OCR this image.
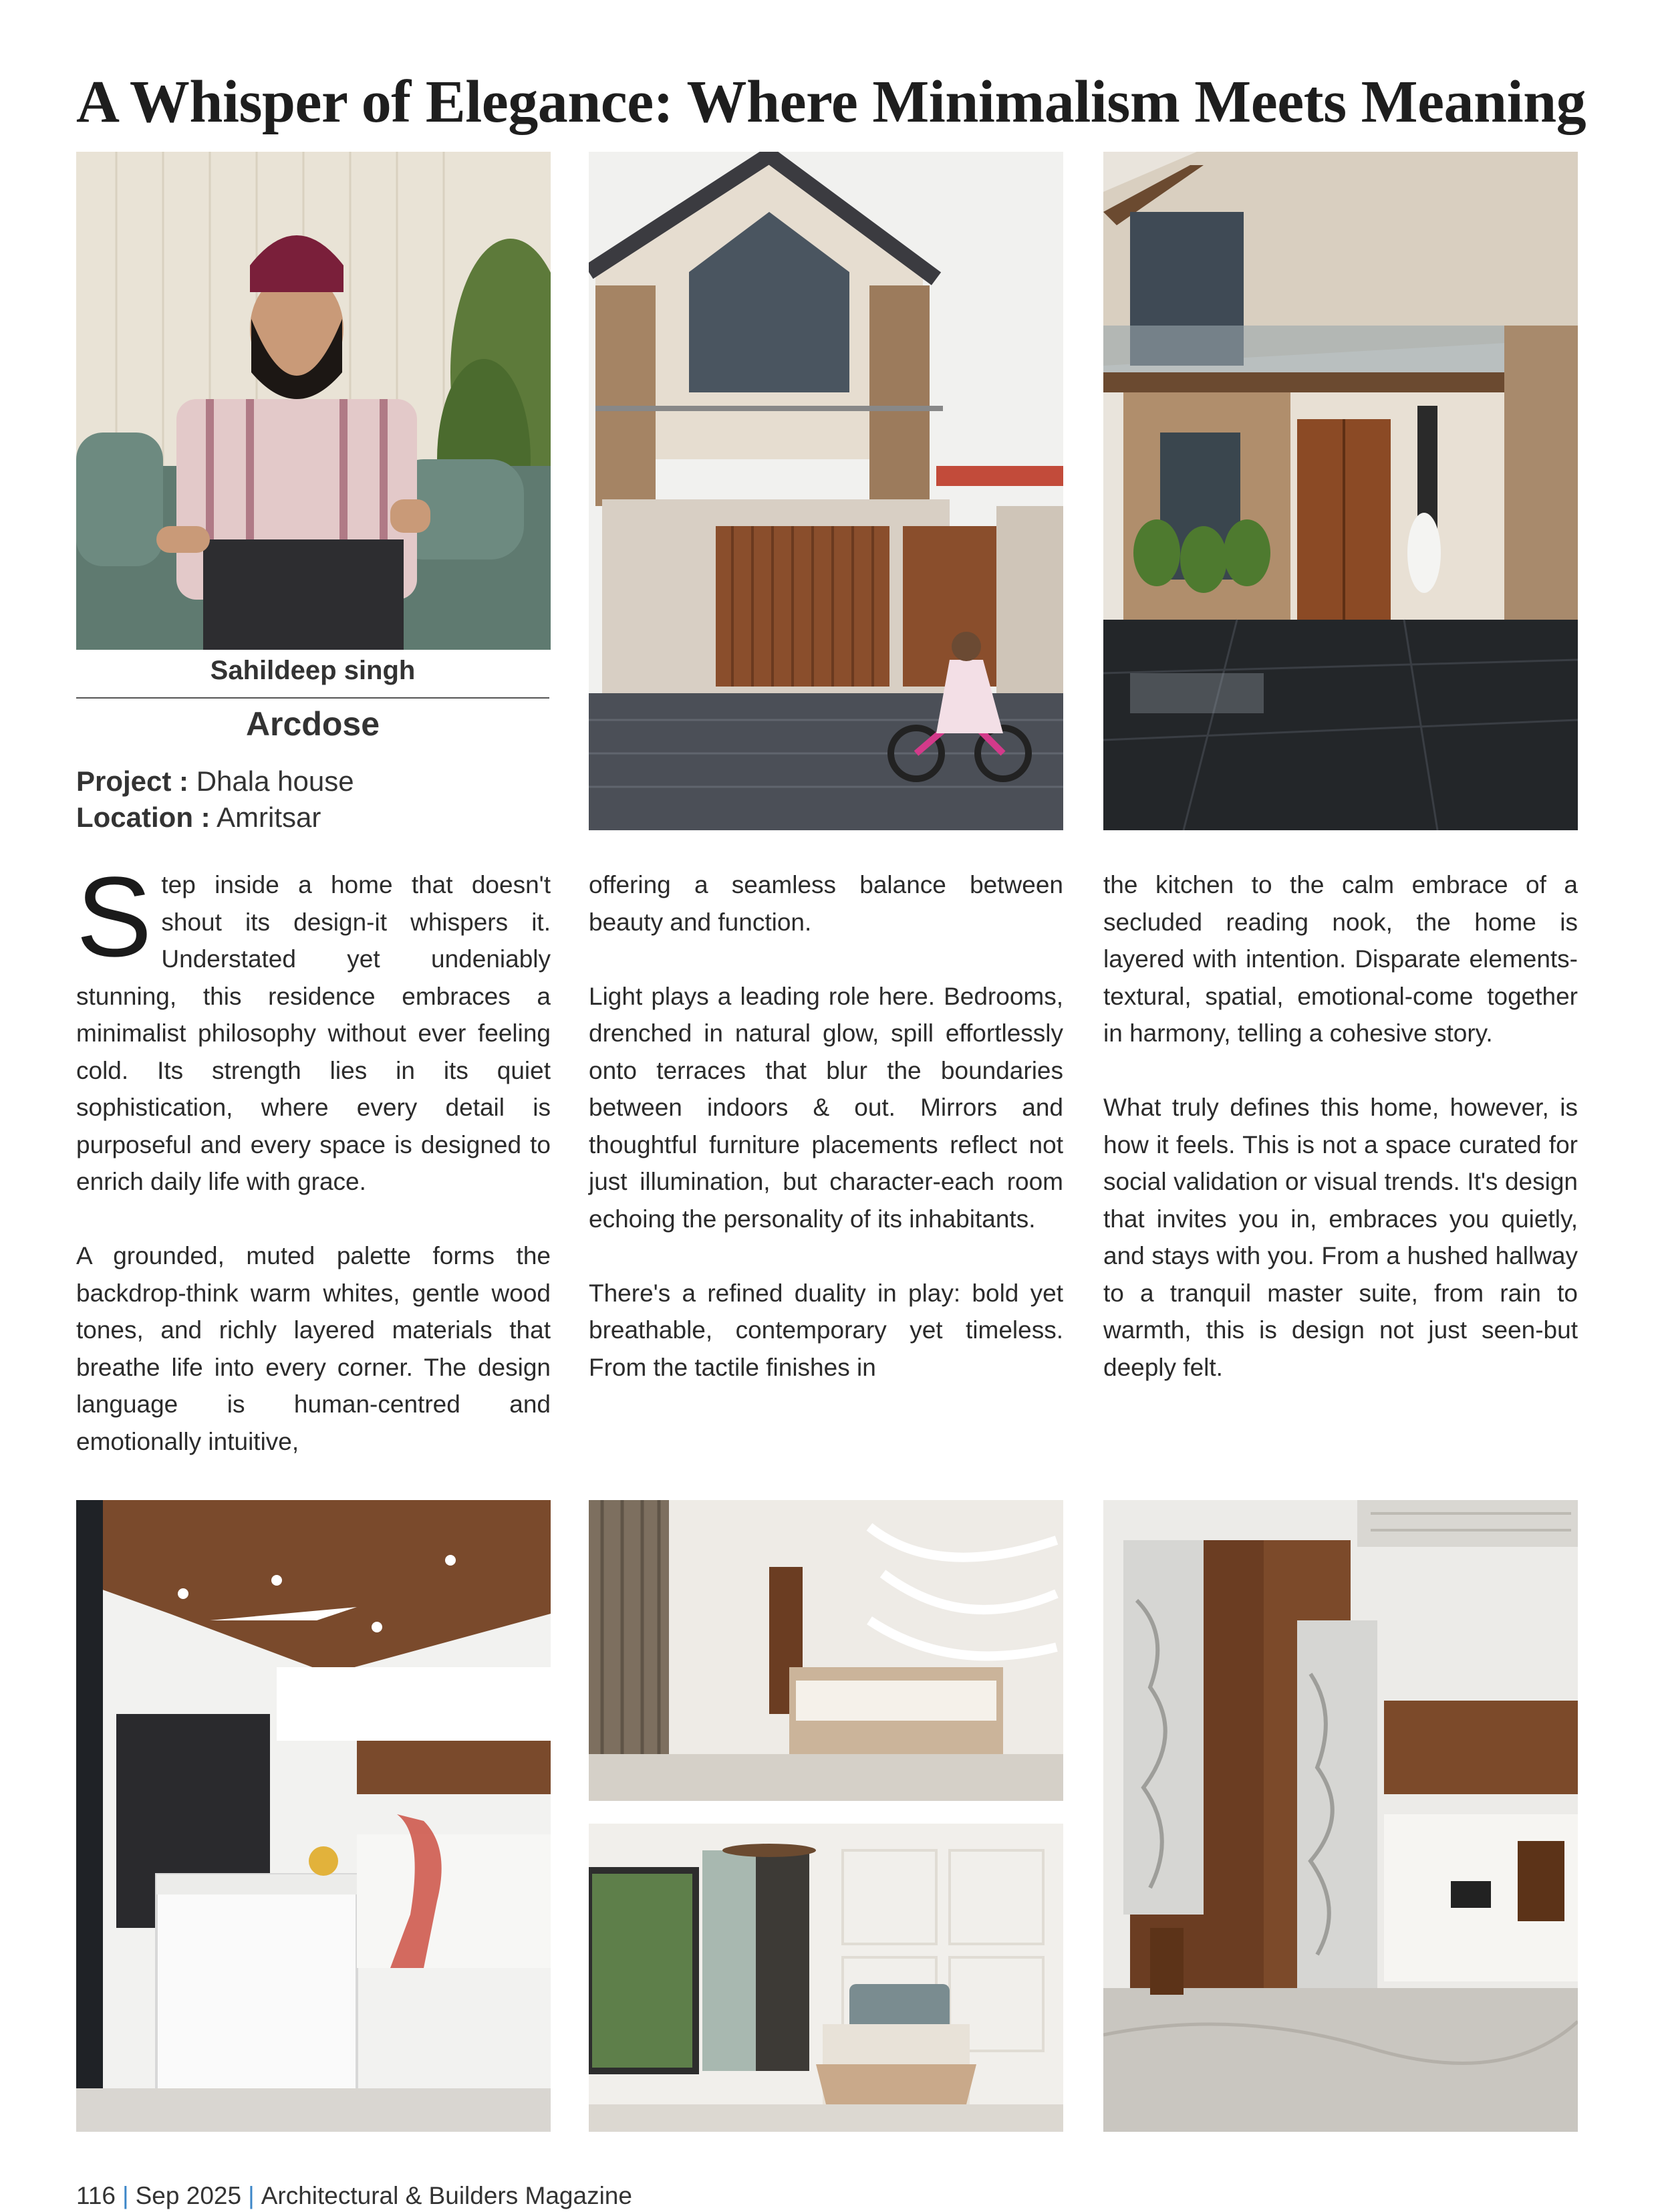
A Whisper of Elegance: Where Minimalism Meets Meaning
Sahildeep singh
Arcdose
Project : Dhala house
Location : Amritsar

Step inside a home that doesn't shout its design-it whispers it. Understated yet undeniably stunning, this residence embraces a minimalist philosophy without ever feeling cold. Its strength lies in its quiet sophistication, where every detail is purposeful and every space is designed to enrich daily life with grace.

A grounded, muted palette forms the backdrop-think warm whites, gentle wood tones, and richly layered materials that breathe life into every corner. The design language is human-centred and emotionally intuitive,

offering a seamless balance between beauty and function.

Light plays a leading role here. Bedrooms, drenched in natural glow, spill effortlessly onto terraces that blur the boundaries between indoors & out. Mirrors and thoughtful furniture placements reflect not just illumination, but character-each room echoing the personality of its inhabitants.

There's a refined duality in play: bold yet breathable, contemporary yet timeless. From the tactile finishes in

the kitchen to the calm embrace of a secluded reading nook, the home is layered with intention. Disparate elements-textural, spatial, emotional-come together in harmony, telling a cohesive story.

What truly defines this home, however, is how it feels. This is not a space curated for social validation or visual trends. It's design that invites you in, embraces you quietly, and stays with you. From a hushed hallway to a tranquil master suite, from rain to warmth, this is design not just seen-but deeply felt.

116 | Sep 2025 | Architectural & Builders Magazine
